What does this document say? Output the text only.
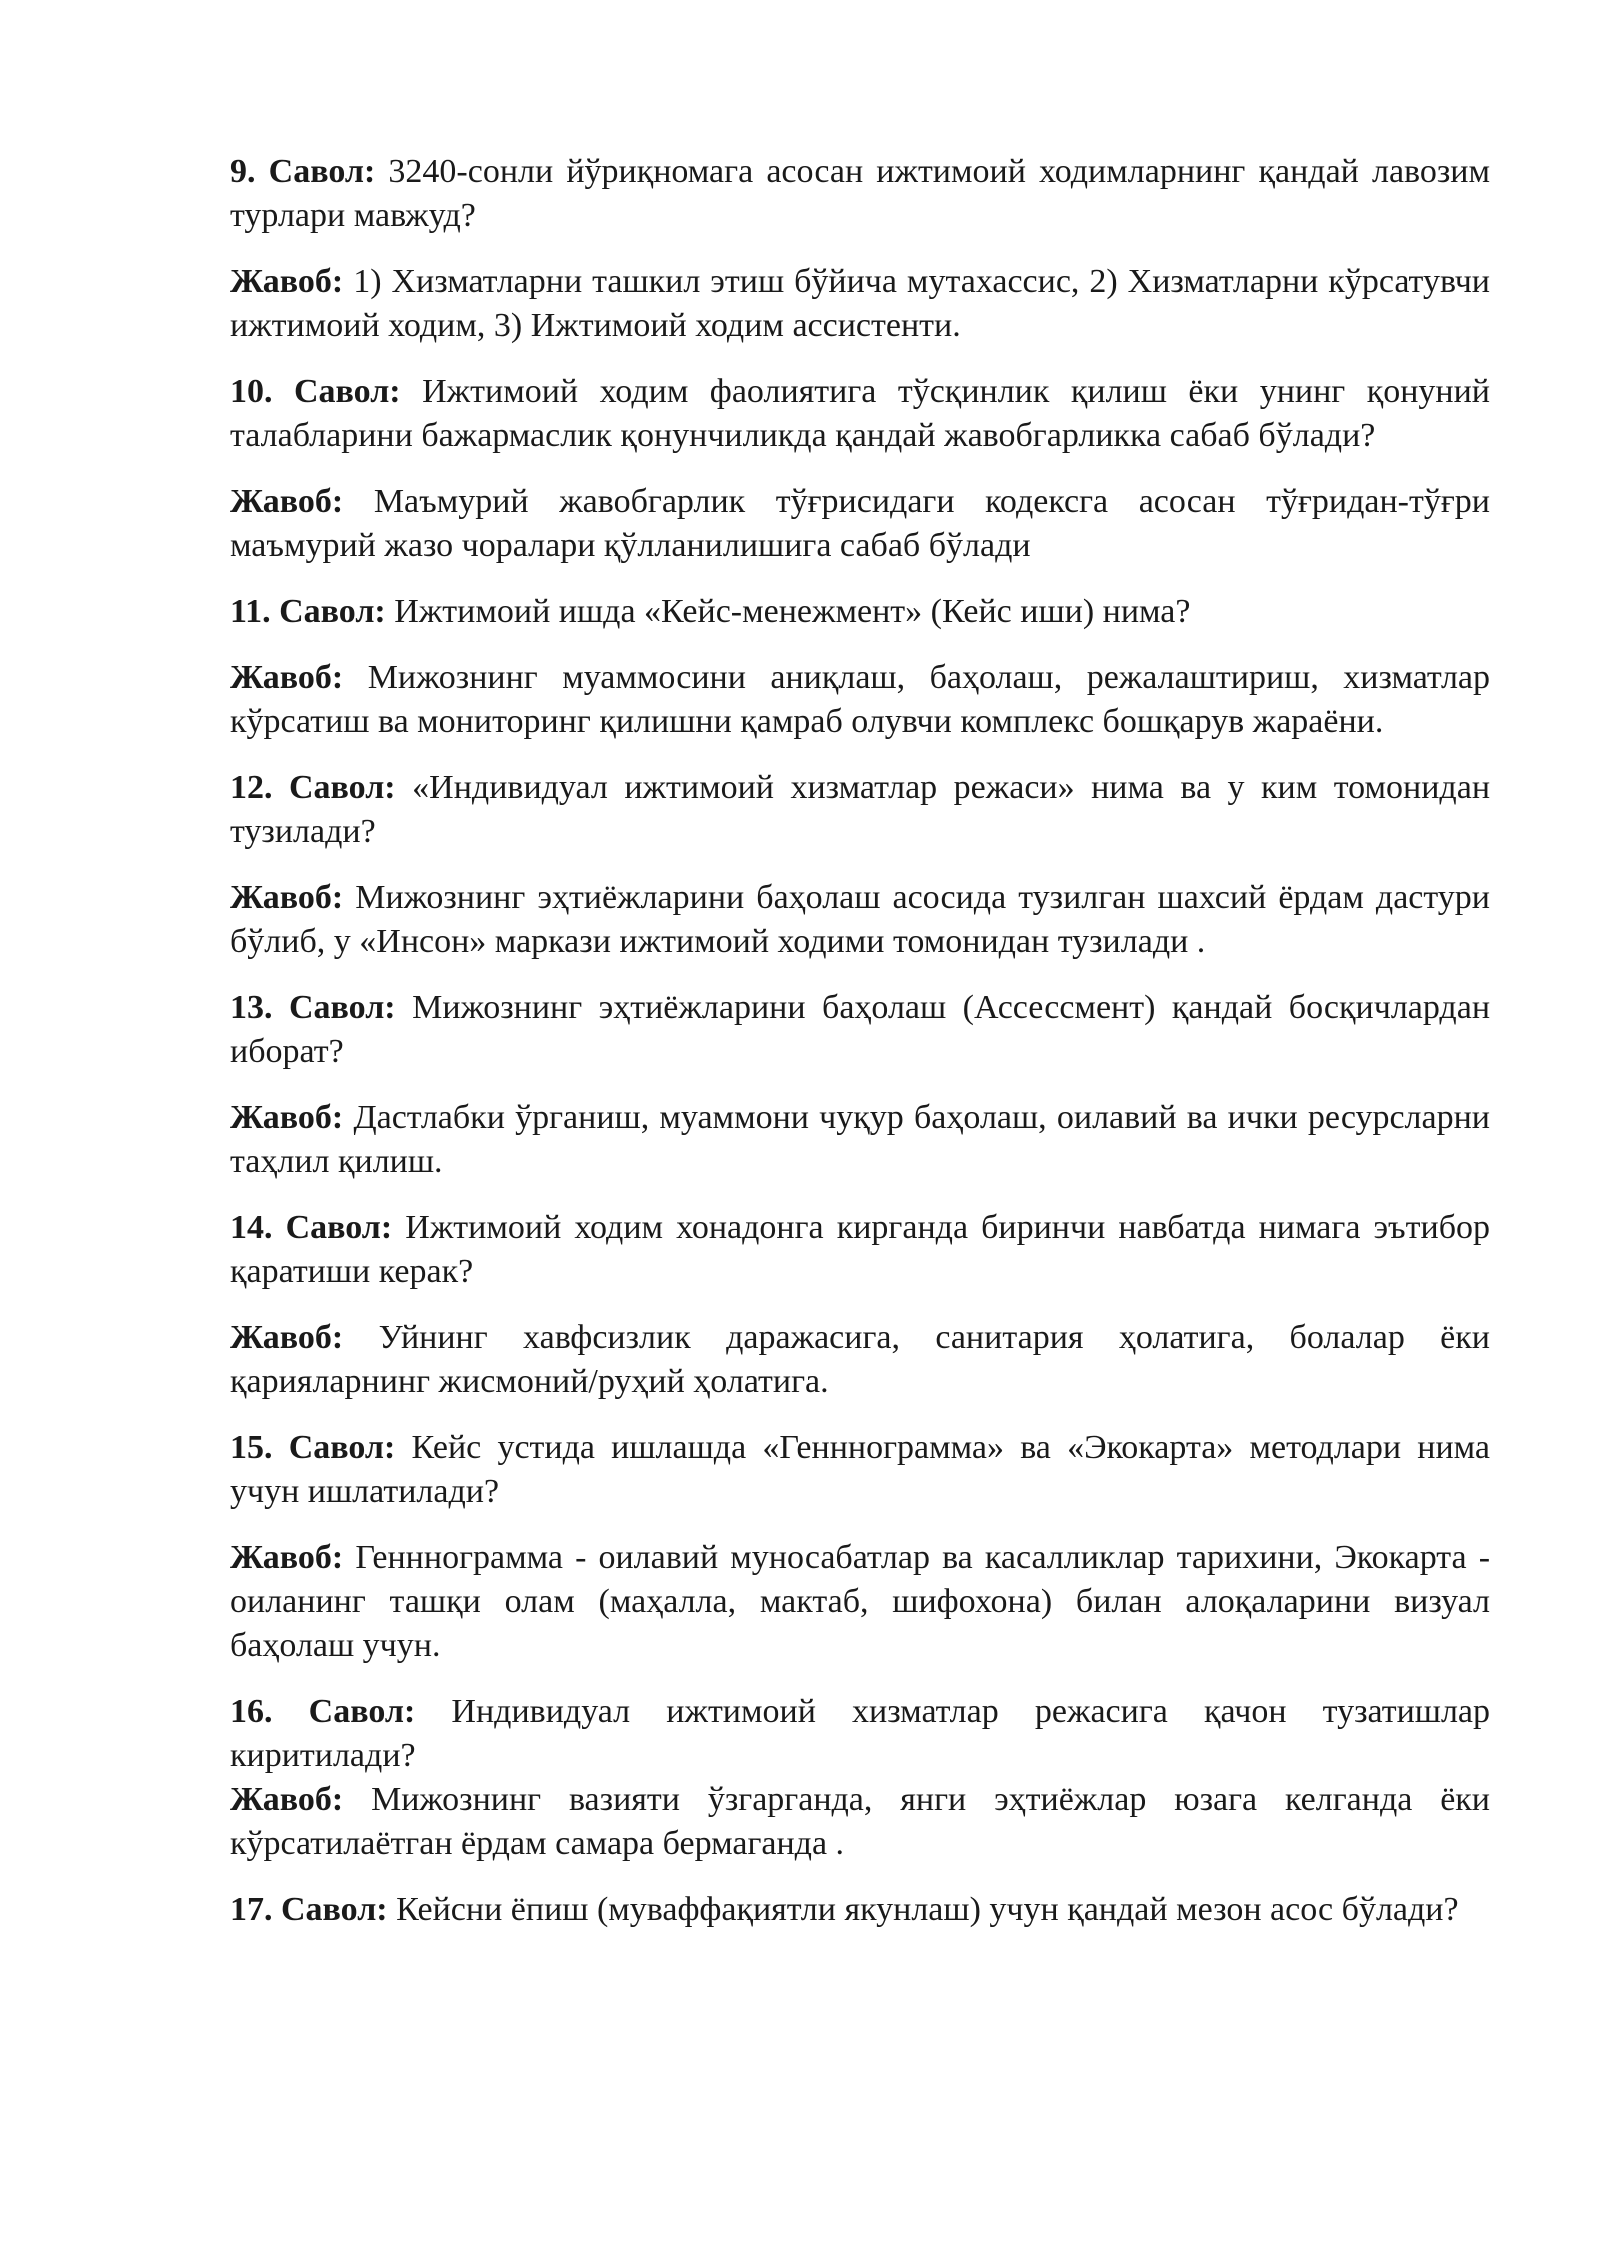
9. Савол: 3240-сонли йўриқномага асосан ижтимоий ходимларнинг қандай лавозим турлари мавжуд?

Жавоб: 1) Хизматларни ташкил этиш бўйича мутахассис, 2) Хизматларни кўрсатувчи ижтимоий ходим, 3) Ижтимоий ходим ассистенти.

10. Савол: Ижтимоий ходим фаолиятига тўсқинлик қилиш ёки унинг қонуний талабларини бажармаслик қонунчиликда қандай жавобгарликка сабаб бўлади?

Жавоб: Маъмурий жавобгарлик тўғрисидаги кодексга асосан тўғридан-тўғри маъмурий жазо чоралари қўлланилишига сабаб бўлади

11. Савол: Ижтимоий ишда «Кейс-менежмент» (Кейс иши) нима?

Жавоб: Мижознинг муаммосини аниқлаш, баҳолаш, режалаштириш, хизматлар кўрсатиш ва мониторинг қилишни қамраб олувчи комплекс бошқарув жараёни.

12. Савол: «Индивидуал ижтимоий хизматлар режаси» нима ва у ким томонидан тузилади?

Жавоб: Мижознинг эҳтиёжларини баҳолаш асосида тузилган шахсий ёрдам дастури бўлиб, у «Инсон» маркази ижтимоий ходими томонидан тузилади .

13. Савол: Мижознинг эҳтиёжларини баҳолаш (Ассессмент) қандай босқичлардан иборат?

Жавоб: Дастлабки ўрганиш, муаммони чуқур баҳолаш, оилавий ва ички ресурсларни таҳлил қилиш.

14. Савол: Ижтимоий ходим хонадонга кирганда биринчи навбатда нимага эътибор қаратиши керак?

Жавоб: Уйнинг хавфсизлик даражасига, санитария ҳолатига, болалар ёки қарияларнинг жисмоний/руҳий ҳолатига.

15. Савол: Кейс устида ишлашда «Генннограмма» ва «Экокарта» методлари нима учун ишлатилади?

Жавоб: Генннограмма - оилавий муносабатлар ва касалликлар тарихини, Экокарта - оиланинг ташқи олам (маҳалла, мактаб, шифохона) билан алоқаларини визуал баҳолаш учун.

16. Савол: Индивидуал ижтимоий хизматлар режасига қачон тузатишлар киритилади?

Жавоб: Мижознинг вазияти ўзгарганда, янги эҳтиёжлар юзага келганда ёки кўрсатилаётган ёрдам самара бермаганда .

17. Савол: Кейсни ёпиш (муваффақиятли якунлаш) учун қандай мезон асос бўлади?
